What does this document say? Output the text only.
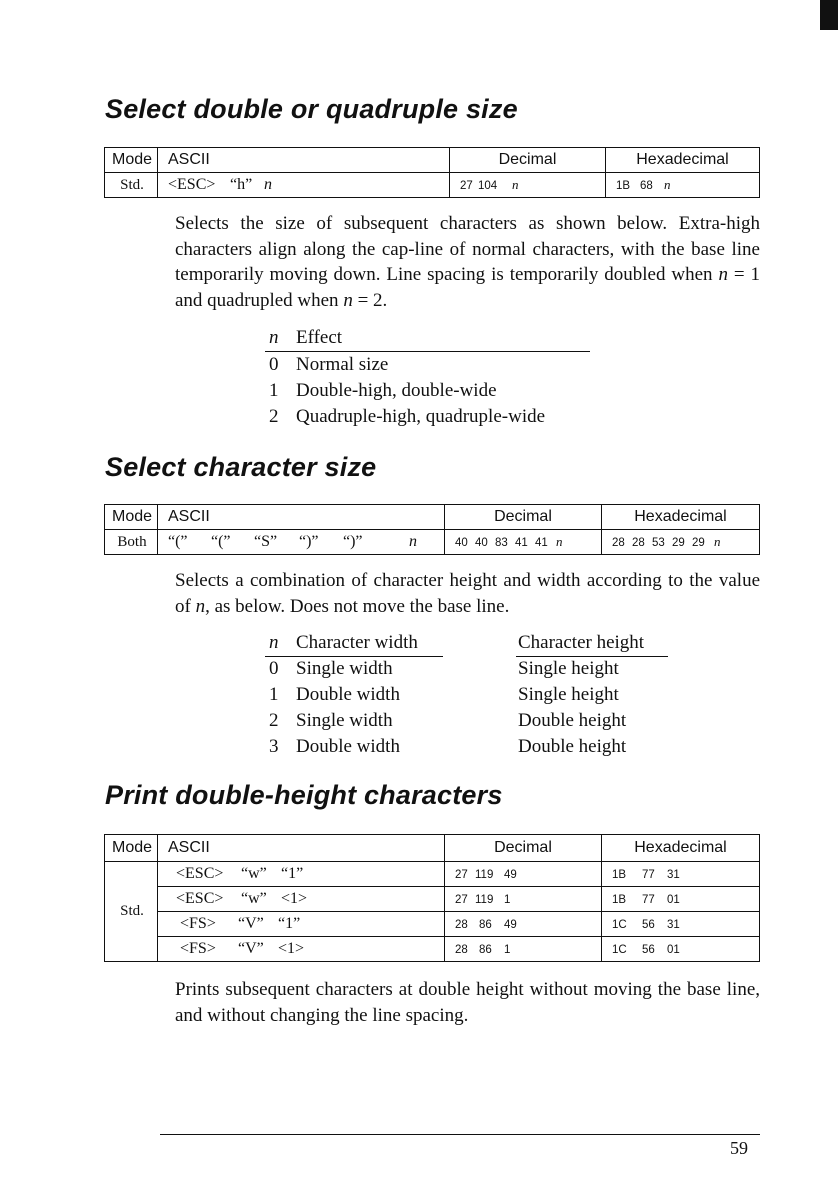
Select double or quadruple size
Mode	ASCII	Decimal	Hexadecimal
Std.	<ESC> “h” n	27 104 n	1B 68 n

Selects the size of subsequent characters as shown below. Extra-high characters align along the cap-line of normal characters, with the base line temporarily moving down. Line spacing is temporarily doubled when n = 1 and quadrupled when n = 2.

n Effect
0 Normal size
1 Double-high, double-wide
2 Quadruple-high, quadruple-wide
Select character size
Mode	ASCII	Decimal	Hexadecimal
Both	“(” “(” “S” “)” “)” n	40 40 83 41 41 n	28 28 53 29 29 n

Selects a combination of character height and width according to the value of n, as below. Does not move the base line.

n Character width	Character height
0 Single width	Single height
1 Double width	Single height
2 Single width	Double height
3 Double width	Double height
Print double-height characters
Mode	ASCII	Decimal	Hexadecimal
Std.	<ESC> “w” “1”	27 119 49	1B 77 31
	<ESC> “w” <1>	27 119 1	1B 77 01
	<FS> “V” “1”	28 86 49	1C 56 31
	<FS> “V” <1>	28 86 1	1C 56 01

Prints subsequent characters at double height without moving the base line, and without changing the line spacing.

59
